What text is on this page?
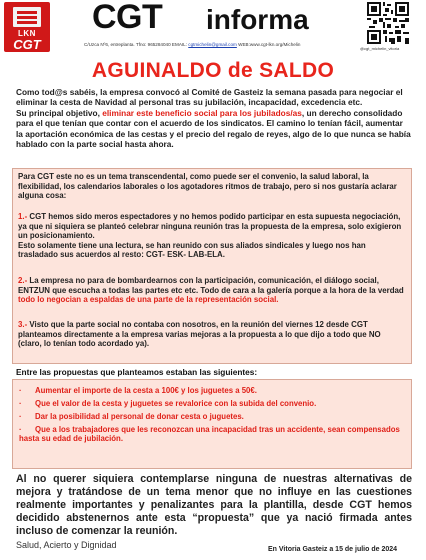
LKN
CGT
CGT informa
C/Uzca Nº6, entreplanta. Tfno: 965284040 EMAIL: cgtmichelin@gmail.com WEB:www.cgt-lkn.org/Michelin
@cgt_michelin_vitoria
AGUINALDO de SALDO
Como tod@s sabéis, la empresa convocó al Comité de Gasteiz la semana pasada para negociar el eliminar la cesta de Navidad al personal tras su jubilación, incapacidad, excedencia etc.
Su principal objetivo, eliminar este beneficio social para los jubilados/as, un derecho consolidado para el que tenían que contar con el acuerdo de los sindicatos. El camino lo tenían fácil, aumentar la aportación económica de las cestas y el precio del regalo de reyes, algo de lo que nunca se había hablado con la parte social hasta ahora.
Para CGT este no es un tema transcendental, como puede ser el convenio, la salud laboral, la flexibilidad, los calendarios laborales o los agotadores ritmos de trabajo, pero si nos gustaría aclarar alguna cosa:
1.- CGT hemos sido meros espectadores y no hemos podido participar en esta supuesta negociación, ya que ni siquiera se planteó celebrar ninguna reunión tras la propuesta de la empresa, solo exigieron un posicionamiento.
Esto solamente tiene una lectura, se han reunido con sus aliados sindicales y luego nos han trasladado sus acuerdos al resto: CGT- ESK- LAB-ELA.
2.- La empresa no para de bombardearnos con la participación, comunicación, el diálogo social, ENTZUN que escucha a todas las partes etc etc. Todo de cara a la galería porque a la hora de la verdad todo lo negocian a espaldas de una parte de la representación social.
3.- Visto que la parte social no contaba con nosotros, en la reunión del viernes 12 desde CGT planteamos directamente a la empresa varias mejoras a la propuesta a lo que dijo a todo que NO (claro, lo tenían todo acordado ya).
Entre las propuestas que planteamos estaban las siguientes:
· Aumentar el importe de la cesta a 100€ y los juguetes a 50€.
· Que el valor de la cesta y juguetes se revalorice con la subida del convenio.
· Dar la posibilidad al personal de donar cesta o juguetes.
· Que a los trabajadores que les reconozcan una incapacidad tras un accidente, sean compensados hasta su edad de jubilación.
Al no querer siquiera contemplarse ninguna de nuestras alternativas de mejora y tratándose de un tema menor que no influye en las cuestiones realmente importantes y penalizantes para la plantilla, desde CGT hemos decidido abstenernos ante esta “propuesta” que ya nació firmada antes incluso de comenzar la reunión.
Salud, Acierto y Dignidad	En Vitoria Gasteiz a 15 de julio de 2024
